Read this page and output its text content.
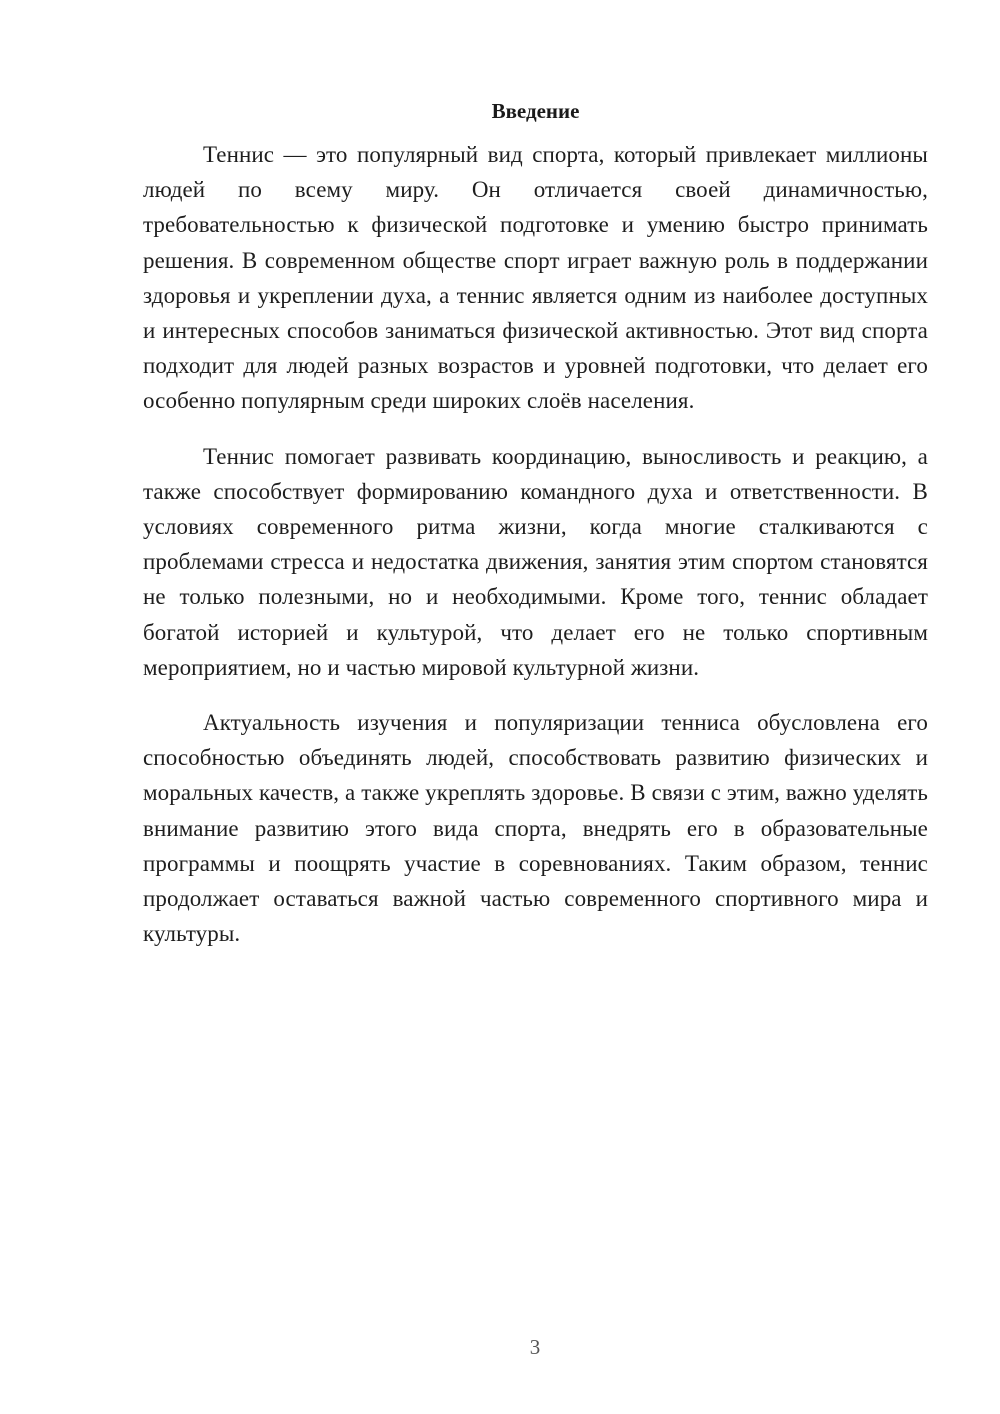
Введение

Теннис — это популярный вид спорта, который привлекает миллионы людей по всему миру. Он отличается своей динамичностью, требовательностью к физической подготовке и умению быстро принимать решения. В современном обществе спорт играет важную роль в поддержании здоровья и укреплении духа, а теннис является одним из наиболее доступных и интересных способов заниматься физической активностью. Этот вид спорта подходит для людей разных возрастов и уровней подготовки, что делает его особенно популярным среди широких слоёв населения.

Теннис помогает развивать координацию, выносливость и реакцию, а также способствует формированию командного духа и ответственности. В условиях современного ритма жизни, когда многие сталкиваются с проблемами стресса и недостатка движения, занятия этим спортом становятся не только полезными, но и необходимыми. Кроме того, теннис обладает богатой историей и культурой, что делает его не только спортивным мероприятием, но и частью мировой культурной жизни.

Актуальность изучения и популяризации тенниса обусловлена его способностью объединять людей, способствовать развитию физических и моральных качеств, а также укреплять здоровье. В связи с этим, важно уделять внимание развитию этого вида спорта, внедрять его в образовательные программы и поощрять участие в соревнованиях. Таким образом, теннис продолжает оставаться важной частью современного спортивного мира и культуры.

3
